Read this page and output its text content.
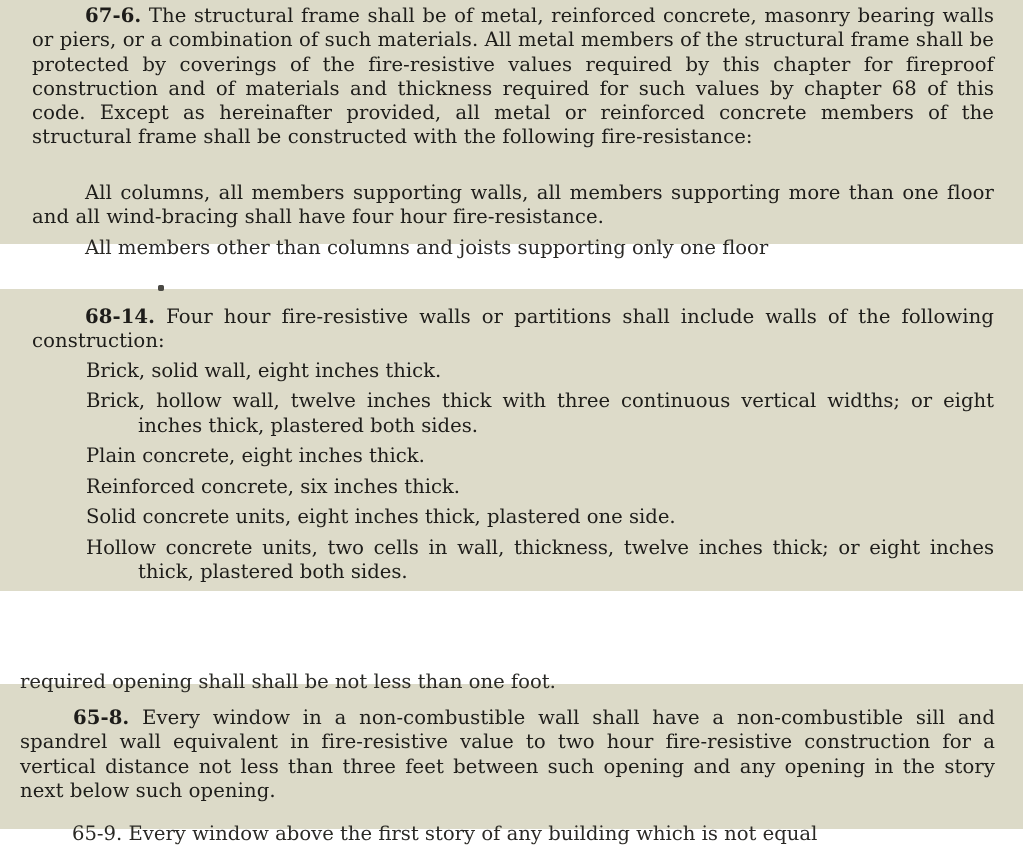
67-6. The structural frame shall be of metal, reinforced concrete, masonry bearing walls or piers, or a combination of such materials. All metal members of the structural frame shall be protected by coverings of the fire-resistive values required by this chapter for fireproof construction and of materials and thickness required for such values by chapter 68 of this code. Except as hereinafter provided, all metal or reinforced concrete members of the structural frame shall be constructed with the following fire-resistance:

All columns, all members supporting walls, all members supporting more than one floor and all wind-bracing shall have four hour fire-resistance.

All members other than columns and joists supporting only one floor

68-14. Four hour fire-resistive walls or partitions shall include walls of the following construction:

Brick, solid wall, eight inches thick.
Brick, hollow wall, twelve inches thick with three continuous vertical widths; or eight inches thick, plastered both sides.
Plain concrete, eight inches thick.
Reinforced concrete, six inches thick.
Solid concrete units, eight inches thick, plastered one side.
Hollow concrete units, two cells in wall, thickness, twelve inches thick; or eight inches thick, plastered both sides.
required opening shall shall be not less than one foot.

65-8. Every window in a non-combustible wall shall have a non-combustible sill and spandrel wall equivalent in fire-resistive value to two hour fire-resistive construction for a vertical distance not less than three feet between such opening and any opening in the story next below such opening.

65-9. Every window above the first story of any building which is not equal
